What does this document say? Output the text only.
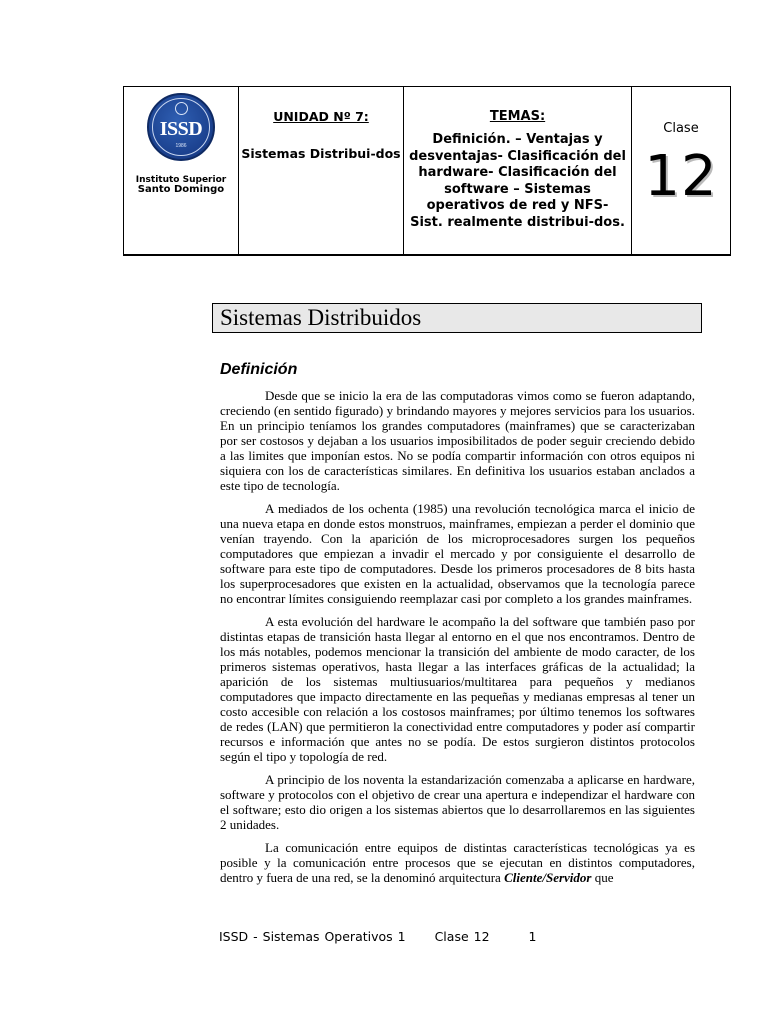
ISSD
1986
Instituto Superior
Santo Domingo
UNIDAD Nº 7:
Sistemas Distribui-dos
TEMAS:
Definición. – Ventajas y desventajas- Clasificación del hardware- Clasificación del software – Sistemas operativos de red y NFS- Sist. realmente distribui-dos.
Clase
12
Sistemas Distribuidos
Definición

Desde que se inicio la era de las computadoras vimos como se fueron adaptando, creciendo (en sentido figurado) y brindando mayores y mejores servicios para los usuarios. En un principio teníamos los grandes computadores (mainframes) que se caracterizaban por ser costosos y dejaban a los usuarios imposibilitados de poder seguir creciendo debido a las limites que imponían estos. No se podía compartir información con otros equipos ni siquiera con los de características similares. En definitiva los usuarios estaban anclados a este tipo de tecnología.

A mediados de los ochenta (1985) una revolución tecnológica marca el inicio de una nueva etapa en donde estos monstruos, mainframes, empiezan a perder el dominio que venían trayendo. Con la aparición de los microprocesadores surgen los pequeños computadores que empiezan a invadir el mercado y por consiguiente el desarrollo de software para este tipo de computadores. Desde los primeros procesadores de 8 bits hasta los superprocesadores que existen en la actualidad, observamos que la tecnología parece no encontrar límites consiguiendo reemplazar casi por completo a los grandes mainframes.

A esta evolución del hardware le acompaño la del software que también paso por distintas etapas de transición hasta llegar al entorno en el que nos encontramos. Dentro de los más notables, podemos mencionar la transición del ambiente de modo caracter, de los primeros sistemas operativos, hasta llegar a las interfaces gráficas de la actualidad; la aparición de los sistemas multiusuarios/multitarea para pequeños y medianos computadores que impacto directamente en las pequeñas y medianas empresas al tener un costo accesible con relación a los costosos mainframes; por último tenemos los softwares de redes (LAN) que permitieron la conectividad entre computadores y poder así compartir recursos e información que antes no se podía. De estos surgieron distintos protocolos según el tipo y topología de red.

A principio de los noventa la estandarización comenzaba a aplicarse en hardware, software y protocolos con el objetivo de crear una apertura e independizar el hardware con el software; esto dio origen a los sistemas abiertos que lo desarrollaremos en las siguientes 2 unidades.

La comunicación entre equipos de distintas características tecnológicas ya es posible y la comunicación entre procesos que se ejecutan en distintos computadores, dentro y fuera de una red, se la denominó arquitectura Cliente/Servidor que

ISSD - Sistemas Operativos 1 Clase 12	1
